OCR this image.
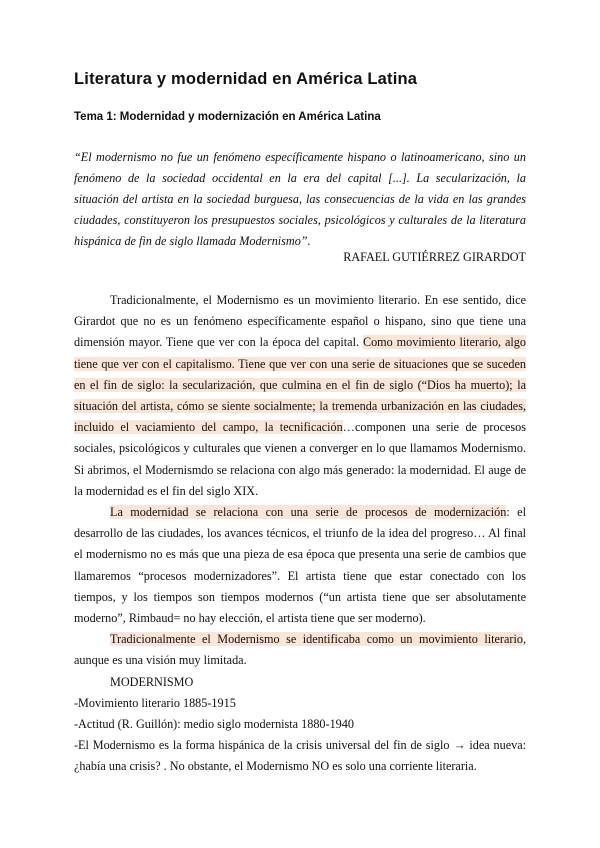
Literatura y modernidad en América Latina
Tema 1: Modernidad y modernización en América Latina
“El modernismo no fue un fenómeno específicamente hispano o latinoamericano, sino un fenómeno de la sociedad occidental en la era del capital [...]. La secularización, la situación del artista en la sociedad burguesa, las consecuencias de la vida en las grandes ciudades, constituyeron los presupuestos sociales, psicológicos y culturales de la literatura hispánica de fin de siglo llamada Modernismo”.
RAFAEL GUTIÉRREZ GIRARDOT

Tradicionalmente, el Modernismo es un movimiento literario. En ese sentido, dice Girardot que no es un fenómeno específicamente español o hispano, sino que tiene una dimensión mayor. Tiene que ver con la época del capital. Como movimiento literario, algo tiene que ver con el capitalismo. Tiene que ver con una serie de situaciones que se suceden en el fin de siglo: la secularización, que culmina en el fin de siglo (“Dios ha muerto); la situación del artista, cómo se siente socialmente; la tremenda urbanización en las ciudades, incluido el vaciamiento del campo, la tecnificación…componen una serie de procesos sociales, psicológicos y culturales que vienen a converger en lo que llamamos Modernismo. Si abrimos, el Modernismdo se relaciona con algo más generado: la modernidad. El auge de la modernidad es el fin del siglo XIX.

La modernidad se relaciona con una serie de procesos de modernización: el desarrollo de las ciudades, los avances técnicos, el triunfo de la idea del progreso… Al final el modernismo no es más que una pieza de esa época que presenta una serie de cambios que llamaremos “procesos modernizadores”. El artista tiene que estar conectado con los tiempos, y los tiempos son tiempos modernos (“un artista tiene que ser absolutamente moderno”, Rimbaud= no hay elección, el artista tiene que ser moderno).

Tradicionalmente el Modernismo se identificaba como un movimiento literario, aunque es una visión muy limitada.

MODERNISMO

-Movimiento literario 1885-1915

-Actitud (R. Guillón): medio siglo modernista 1880-1940

-El Modernismo es la forma hispánica de la crisis universal del fin de siglo → idea nueva: ¿había una crisis? . No obstante, el Modernismo NO es solo una corriente literaria.
